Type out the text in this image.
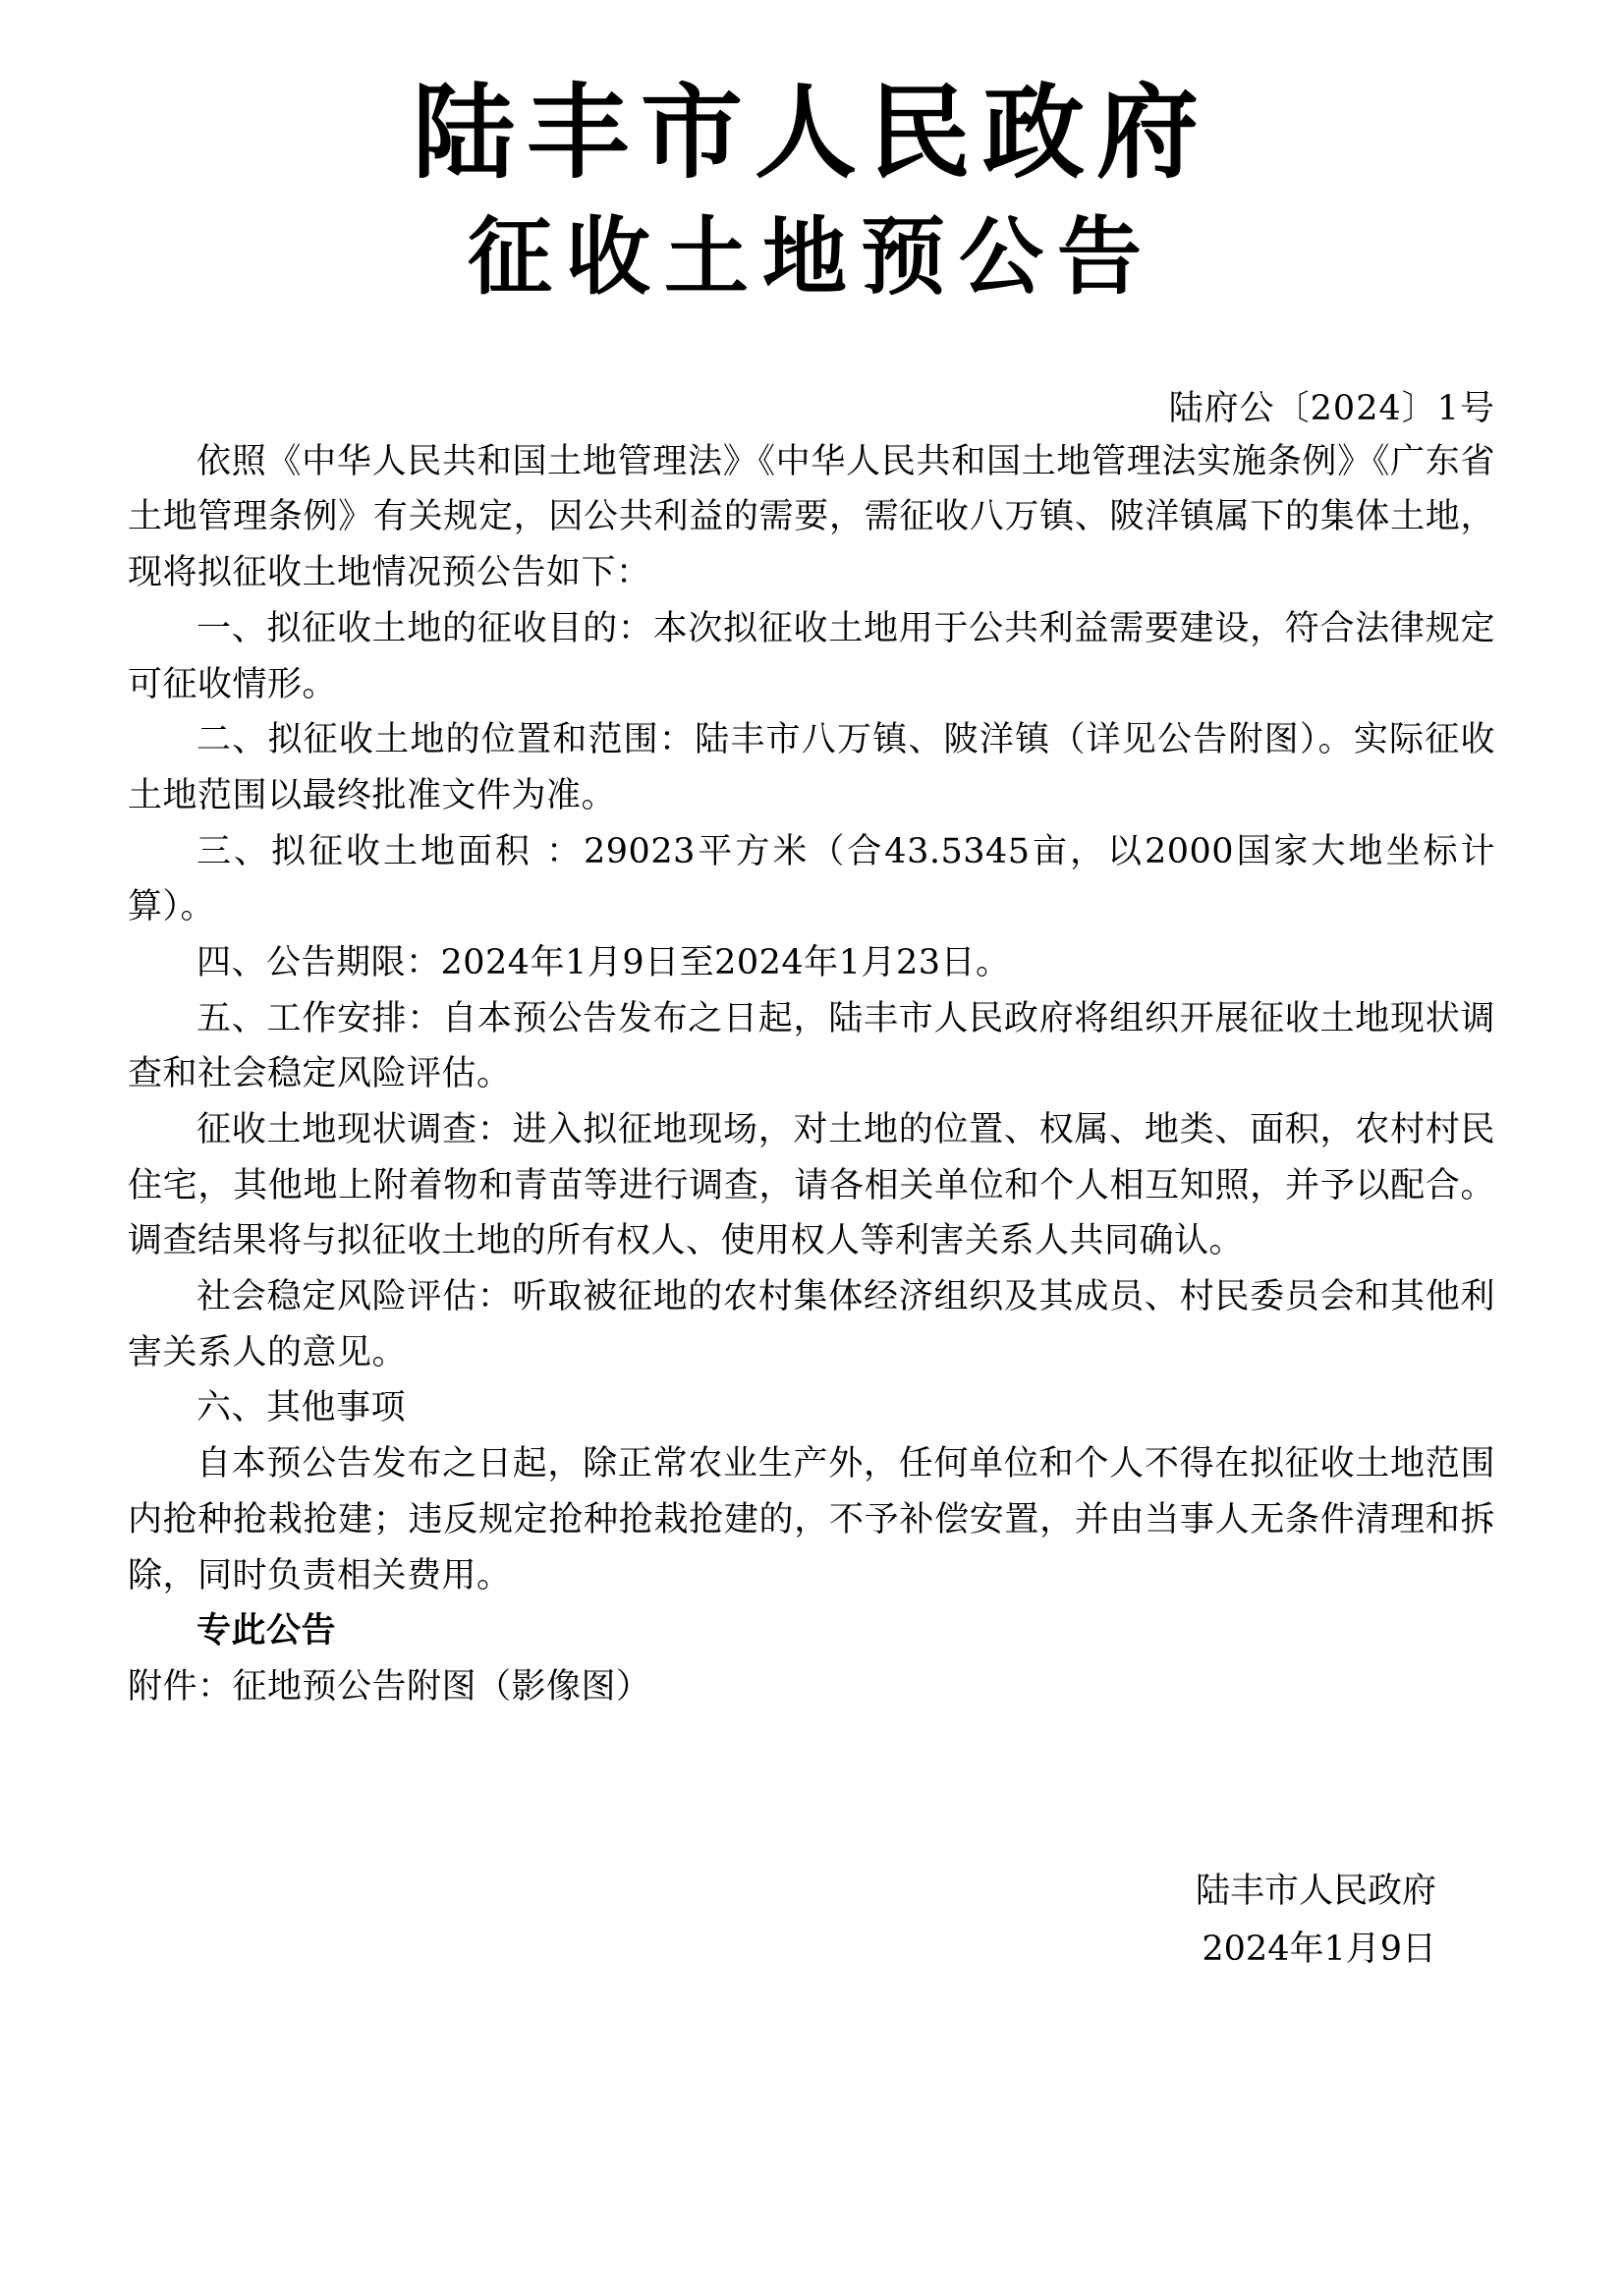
陆丰市人民政府
征收土地预公告
陆府公〔2024〕1号

依照《中华人民共和国土地管理法》《中华人民共和国土地管理法实施条例》《广东省土地管理条例》有关规定，因公共利益的需要，需征收八万镇、陂洋镇属下的集体土地，现将拟征收土地情况预公告如下：

一、拟征收土地的征收目的：本次拟征收土地用于公共利益需要建设，符合法律规定可征收情形。

二、拟征收土地的位置和范围：陆丰市八万镇、陂洋镇（详见公告附图）。实际征收土地范围以最终批准文件为准。

三、拟征收土地面积 ：29023平方米（合43.5345亩，以2000国家大地坐标计算）。

四、公告期限：2024年1月9日至2024年1月23日。

五、工作安排：自本预公告发布之日起，陆丰市人民政府将组织开展征收土地现状调查和社会稳定风险评估。

征收土地现状调查：进入拟征地现场，对土地的位置、权属、地类、面积，农村村民住宅，其他地上附着物和青苗等进行调查，请各相关单位和个人相互知照，并予以配合。调查结果将与拟征收土地的所有权人、使用权人等利害关系人共同确认。

社会稳定风险评估：听取被征地的农村集体经济组织及其成员、村民委员会和其他利害关系人的意见。

六、其他事项

自本预公告发布之日起，除正常农业生产外，任何单位和个人不得在拟征收土地范围内抢种抢栽抢建；违反规定抢种抢栽抢建的，不予补偿安置，并由当事人无条件清理和拆除，同时负责相关费用。

专此公告

附件：征地预公告附图（影像图）

陆丰市人民政府
2024年1月9日
